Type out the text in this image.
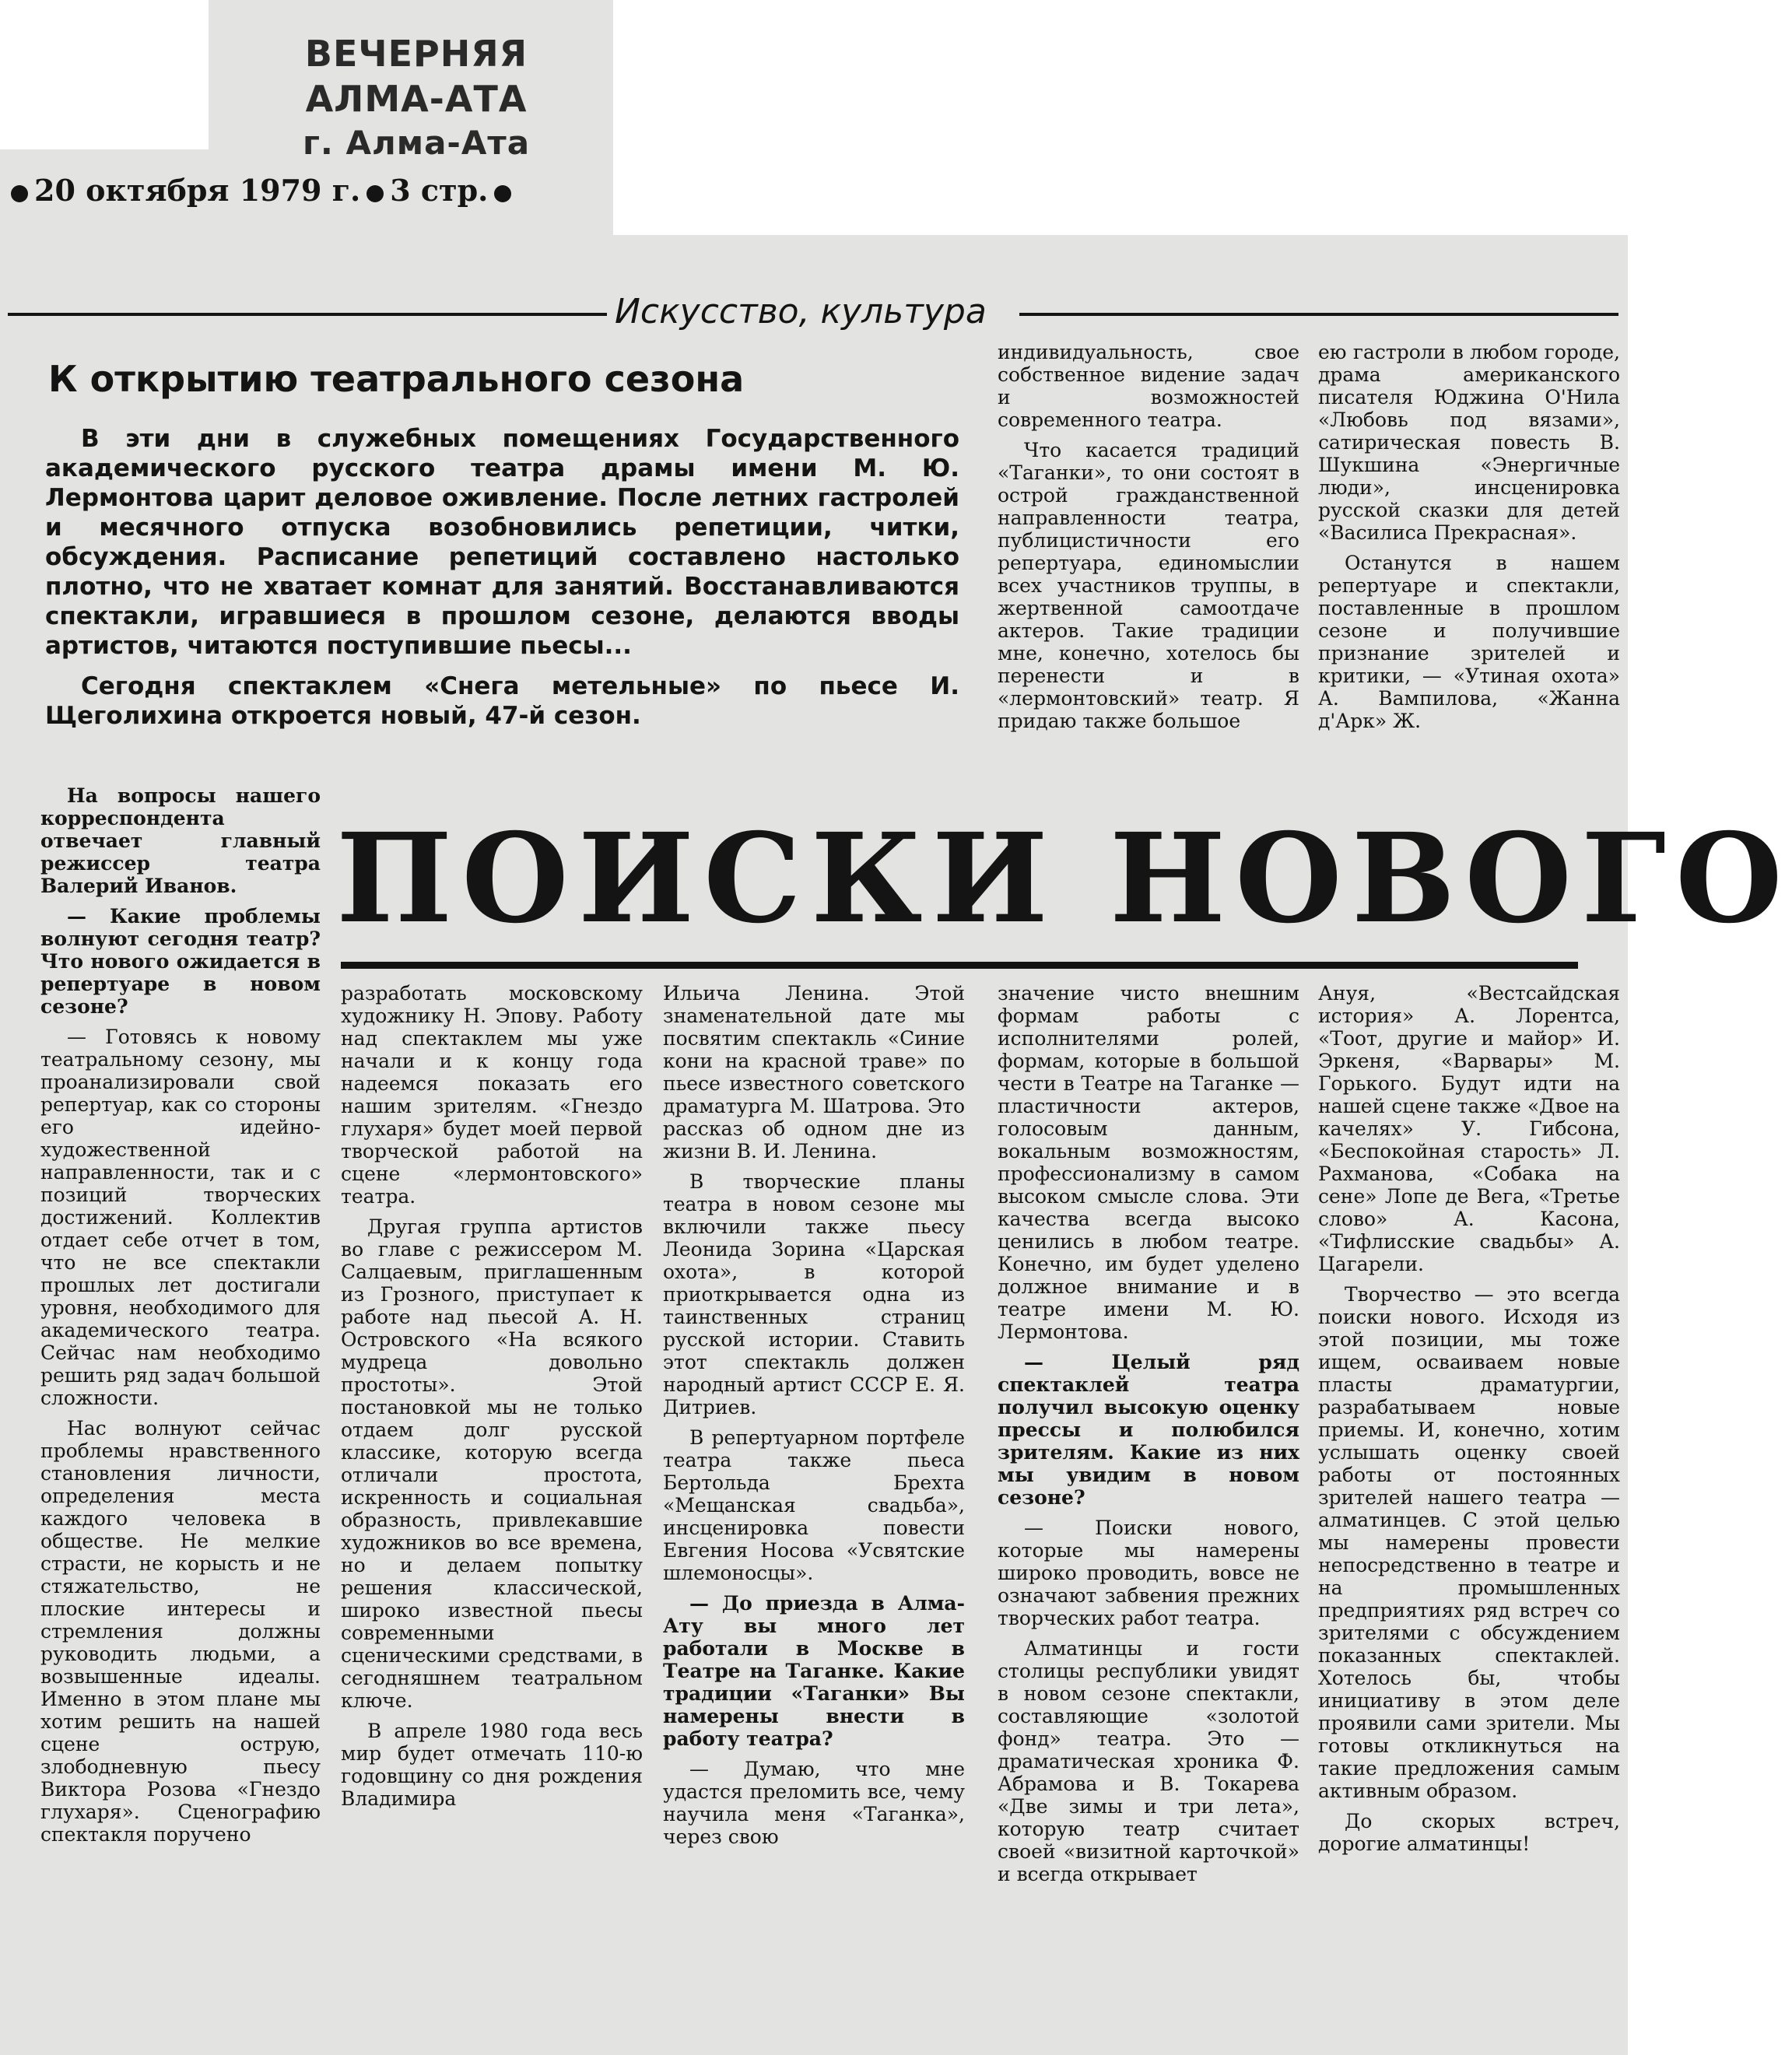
ВЕЧЕРНЯЯ АЛМА-АТА
г. Алма-Ата
20 октября 1979 г. 3 стр.
Искусство, культура
К открытию театрального сезона

В эти дни в служебных помещениях Государственного академического русского театра драмы имени М. Ю. Лермонтова царит деловое оживление. После летних гастролей и месячного отпуска возобновились репетиции, читки, обсуждения. Расписание репетиций составлено настолько плотно, что не хватает комнат для занятий. Восстанавливаются спектакли, игравшиеся в прошлом сезоне, делаются вводы артистов, читаются поступившие пьесы...

Сегодня спектаклем «Снега метельные» по пьесе И. Щеголихина откроется новый, 47-й сезон.

ПОИСКИ НОВОГО

На вопросы нашего корреспондента отвечает главный режиссер театра Валерий Иванов.

— Какие проблемы волнуют сегодня театр? Что нового ожидается в репертуаре в новом сезоне?

— Готовясь к новому театральному сезону, мы проанализировали свой репертуар, как со стороны его идейно-художественной направленности, так и с позиций творческих достижений. Коллектив отдает себе отчет в том, что не все спектакли прошлых лет достигали уровня, необходимого для академического театра. Сейчас нам необходимо решить ряд задач большой сложности.

Нас волнуют сейчас проблемы нравственного становления личности, определения места каждого человека в обществе. Не мелкие страсти, не корысть и не стяжательство, не плоские интересы и стремления должны руководить людьми, а возвышенные идеалы. Именно в этом плане мы хотим решить на нашей сцене острую, злободневную пьесу Виктора Розова «Гнездо глухаря». Сценографию спектакля поручено

разработать московскому художнику Н. Эпову. Работу над спектаклем мы уже начали и к концу года надеемся показать его нашим зрителям. «Гнездо глухаря» будет моей первой творческой работой на сцене «лермонтовского» театра.

Другая группа артистов во главе с режиссером М. Салцаевым, приглашенным из Грозного, приступает к работе над пьесой А. Н. Островского «На всякого мудреца довольно простоты». Этой постановкой мы не только отдаем долг русской классике, которую всегда отличали простота, искренность и социальная образность, привлекавшие художников во все времена, но и делаем попытку решения классической, широко известной пьесы современными сценическими средствами, в сегодняшнем театральном ключе.

В апреле 1980 года весь мир будет отмечать 110-ю годовщину со дня рождения Владимира

Ильича Ленина. Этой знаменательной дате мы посвятим спектакль «Синие кони на красной траве» по пьесе известного советского драматурга М. Шатрова. Это рассказ об одном дне из жизни В. И. Ленина.

В творческие планы театра в новом сезоне мы включили также пьесу Леонида Зорина «Царская охота», в которой приоткрывается одна из таинственных страниц русской истории. Ставить этот спектакль должен народный артист СССР Е. Я. Дитриев.

В репертуарном портфеле театра также пьеса Бертольда Брехта «Мещанская свадьба», инсценировка повести Евгения Носова «Усвятские шлемоносцы».

— До приезда в Алма-Ату вы много лет работали в Москве в Театре на Таганке. Какие традиции «Таганки» Вы намерены внести в работу театра?

— Думаю, что мне удастся преломить все, чему научила меня «Таганка», через свою

индивидуальность, свое собственное видение задач и возможностей современного театра.

Что касается традиций «Таганки», то они состоят в острой гражданственной направленности театра, публицистичности его репертуара, единомыслии всех участников труппы, в жертвенной самоотдаче актеров. Такие традиции мне, конечно, хотелось бы перенести и в «лермонтовский» театр. Я придаю также большое

значение чисто внешним формам работы с исполнителями ролей, формам, которые в большой чести в Театре на Таганке — пластичности актеров, голосовым данным, вокальным возможностям, профессионализму в самом высоком смысле слова. Эти качества всегда высоко ценились в любом театре. Конечно, им будет уделено должное внимание и в театре имени М. Ю. Лермонтова.

— Целый ряд спектаклей театра получил высокую оценку прессы и полюбился зрителям. Какие из них мы увидим в новом сезоне?

— Поиски нового, которые мы намерены широко проводить, вовсе не означают забвения прежних творческих работ театра.

Алматинцы и гости столицы республики увидят в новом сезоне спектакли, составляющие «золотой фонд» театра. Это — драматическая хроника Ф. Абрамова и В. Токарева «Две зимы и три лета», которую театр считает своей «визитной карточкой» и всегда открывает

ею гастроли в любом городе, драма американского писателя Юджина О'Нила «Любовь под вязами», сатирическая повесть В. Шукшина «Энергичные люди», инсценировка русской сказки для детей «Василиса Прекрасная».

Останутся в нашем репертуаре и спектакли, поставленные в прошлом сезоне и получившие признание зрителей и критики, — «Утиная охота» А. Вампилова, «Жанна д'Арк» Ж.

Ануя, «Вестсайдская история» А. Лорентса, «Тоот, другие и майор» И. Эркеня, «Варвары» М. Горького. Будут идти на нашей сцене также «Двое на качелях» У. Гибсона, «Беспокойная старость» Л. Рахманова, «Собака на сене» Лопе де Вега, «Третье слово» А. Касона, «Тифлисские свадьбы» А. Цагарели.

Творчество — это всегда поиски нового. Исходя из этой позиции, мы тоже ищем, осваиваем новые пласты драматургии, разрабатываем новые приемы. И, конечно, хотим услышать оценку своей работы от постоянных зрителей нашего театра — алматинцев. С этой целью мы намерены провести непосредственно в театре и на промышленных предприятиях ряд встреч со зрителями с обсуждением показанных спектаклей. Хотелось бы, чтобы инициативу в этом деле проявили сами зрители. Мы готовы откликнуться на такие предложения самым активным образом.

До скорых встреч, дорогие алматинцы!
